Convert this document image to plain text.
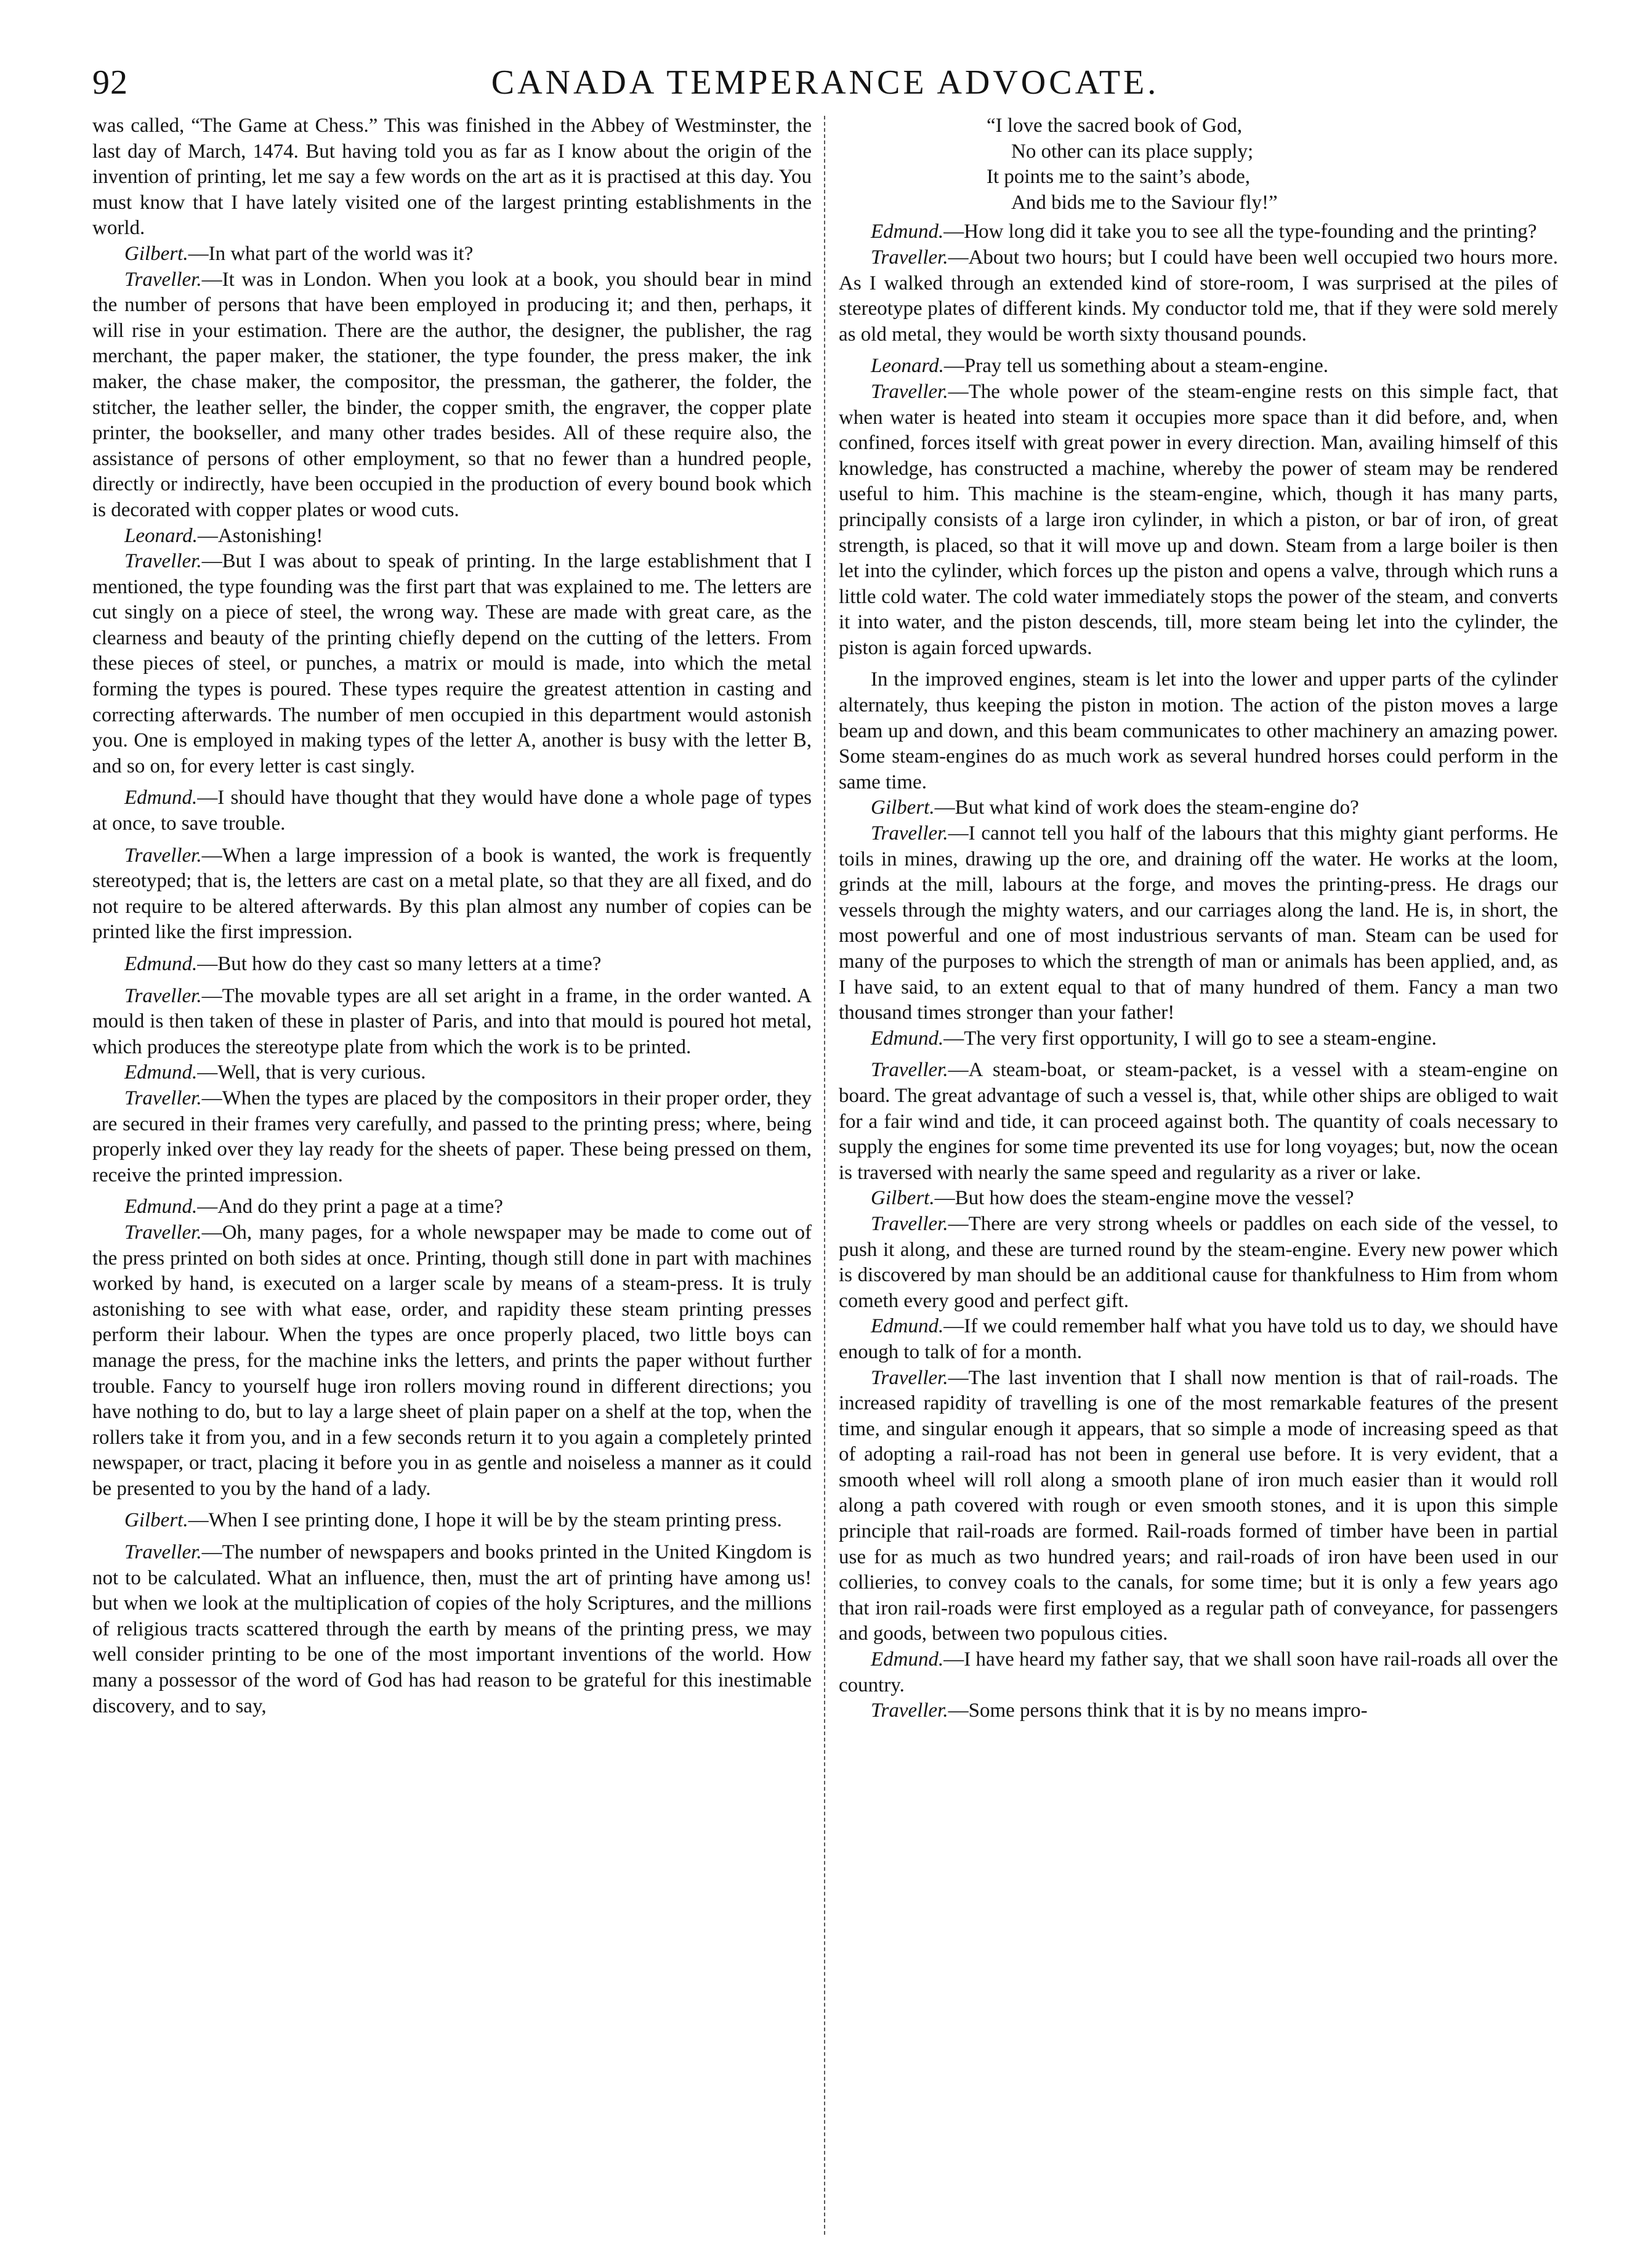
92	CANADA TEMPERANCE ADVOCATE.

was called, “The Game at Chess.” This was finished in the Abbey of Westminster, the last day of March, 1474. But having told you as far as I know about the origin of the invention of printing, let me say a few words on the art as it is practised at this day. You must know that I have lately visited one of the largest printing establishments in the world.

Gilbert.—In what part of the world was it?

Traveller.—It was in London. When you look at a book, you should bear in mind the number of persons that have been employed in producing it; and then, perhaps, it will rise in your estimation. There are the author, the designer, the publisher, the rag merchant, the paper maker, the stationer, the type founder, the press maker, the ink maker, the chase maker, the compositor, the pressman, the gatherer, the folder, the stitcher, the leather seller, the binder, the copper smith, the engraver, the copper plate printer, the bookseller, and many other trades besides. All of these require also, the assistance of persons of other employment, so that no fewer than a hundred people, directly or indirectly, have been occupied in the production of every bound book which is decorated with copper plates or wood cuts.

Leonard.—Astonishing!

Traveller.—But I was about to speak of printing. In the large establishment that I mentioned, the type founding was the first part that was explained to me. The letters are cut singly on a piece of steel, the wrong way. These are made with great care, as the clearness and beauty of the printing chiefly depend on the cutting of the letters. From these pieces of steel, or punches, a matrix or mould is made, into which the metal forming the types is poured. These types require the greatest attention in casting and correcting afterwards. The number of men occupied in this department would astonish you. One is employed in making types of the letter A, another is busy with the letter B, and so on, for every letter is cast singly.

Edmund.—I should have thought that they would have done a whole page of types at once, to save trouble.

Traveller.—When a large impression of a book is wanted, the work is frequently stereotyped; that is, the letters are cast on a metal plate, so that they are all fixed, and do not require to be altered afterwards. By this plan almost any number of copies can be printed like the first impression.

Edmund.—But how do they cast so many letters at a time?

Traveller.—The movable types are all set aright in a frame, in the order wanted. A mould is then taken of these in plaster of Paris, and into that mould is poured hot metal, which produces the stereotype plate from which the work is to be printed.

Edmund.—Well, that is very curious.

Traveller.—When the types are placed by the compositors in their proper order, they are secured in their frames very carefully, and passed to the printing press; where, being properly inked over they lay ready for the sheets of paper. These being pressed on them, receive the printed impression.

Edmund.—And do they print a page at a time?

Traveller.—Oh, many pages, for a whole newspaper may be made to come out of the press printed on both sides at once. Printing, though still done in part with machines worked by hand, is executed on a larger scale by means of a steam-press. It is truly astonishing to see with what ease, order, and rapidity these steam printing presses perform their labour. When the types are once properly placed, two little boys can manage the press, for the machine inks the letters, and prints the paper without further trouble. Fancy to yourself huge iron rollers moving round in different directions; you have nothing to do, but to lay a large sheet of plain paper on a shelf at the top, when the rollers take it from you, and in a few seconds return it to you again a completely printed newspaper, or tract, placing it before you in as gentle and noiseless a manner as it could be presented to you by the hand of a lady.

Gilbert.—When I see printing done, I hope it will be by the steam printing press.

Traveller.—The number of newspapers and books printed in the United Kingdom is not to be calculated. What an influence, then, must the art of printing have among us! but when we look at the multiplication of copies of the holy Scriptures, and the millions of religious tracts scattered through the earth by means of the printing press, we may well consider printing to be one of the most important inventions of the world. How many a possessor of the word of God has had reason to be grateful for this inestimable discovery, and to say,

“I love the sacred book of God,
No other can its place supply;
It points me to the saint’s abode,
And bids me to the Saviour fly!”

Edmund.—How long did it take you to see all the type-founding and the printing?

Traveller.—About two hours; but I could have been well occupied two hours more. As I walked through an extended kind of store-room, I was surprised at the piles of stereotype plates of different kinds. My conductor told me, that if they were sold merely as old metal, they would be worth sixty thousand pounds.

Leonard.—Pray tell us something about a steam-engine.

Traveller.—The whole power of the steam-engine rests on this simple fact, that when water is heated into steam it occupies more space than it did before, and, when confined, forces itself with great power in every direction. Man, availing himself of this knowledge, has constructed a machine, whereby the power of steam may be rendered useful to him. This machine is the steam-engine, which, though it has many parts, principally consists of a large iron cylinder, in which a piston, or bar of iron, of great strength, is placed, so that it will move up and down. Steam from a large boiler is then let into the cylinder, which forces up the piston and opens a valve, through which runs a little cold water. The cold water immediately stops the power of the steam, and converts it into water, and the piston descends, till, more steam being let into the cylinder, the piston is again forced upwards.

In the improved engines, steam is let into the lower and upper parts of the cylinder alternately, thus keeping the piston in motion. The action of the piston moves a large beam up and down, and this beam communicates to other machinery an amazing power. Some steam-engines do as much work as several hundred horses could perform in the same time.

Gilbert.—But what kind of work does the steam-engine do?

Traveller.—I cannot tell you half of the labours that this mighty giant performs. He toils in mines, drawing up the ore, and draining off the water. He works at the loom, grinds at the mill, labours at the forge, and moves the printing-press. He drags our vessels through the mighty waters, and our carriages along the land. He is, in short, the most powerful and one of most industrious servants of man. Steam can be used for many of the purposes to which the strength of man or animals has been applied, and, as I have said, to an extent equal to that of many hundred of them. Fancy a man two thousand times stronger than your father!

Edmund.—The very first opportunity, I will go to see a steam-engine.

Traveller.—A steam-boat, or steam-packet, is a vessel with a steam-engine on board. The great advantage of such a vessel is, that, while other ships are obliged to wait for a fair wind and tide, it can proceed against both. The quantity of coals necessary to supply the engines for some time prevented its use for long voyages; but, now the ocean is traversed with nearly the same speed and regularity as a river or lake.

Gilbert.—But how does the steam-engine move the vessel?

Traveller.—There are very strong wheels or paddles on each side of the vessel, to push it along, and these are turned round by the steam-engine. Every new power which is discovered by man should be an additional cause for thankfulness to Him from whom cometh every good and perfect gift.

Edmund.—If we could remember half what you have told us to day, we should have enough to talk of for a month.

Traveller.—The last invention that I shall now mention is that of rail-roads. The increased rapidity of travelling is one of the most remarkable features of the present time, and singular enough it appears, that so simple a mode of increasing speed as that of adopting a rail-road has not been in general use before. It is very evident, that a smooth wheel will roll along a smooth plane of iron much easier than it would roll along a path covered with rough or even smooth stones, and it is upon this simple principle that rail-roads are formed. Rail-roads formed of timber have been in partial use for as much as two hundred years; and rail-roads of iron have been used in our collieries, to convey coals to the canals, for some time; but it is only a few years ago that iron rail-roads were first employed as a regular path of conveyance, for passengers and goods, between two populous cities.

Edmund.—I have heard my father say, that we shall soon have rail-roads all over the country.

Traveller.—Some persons think that it is by no means impro-
